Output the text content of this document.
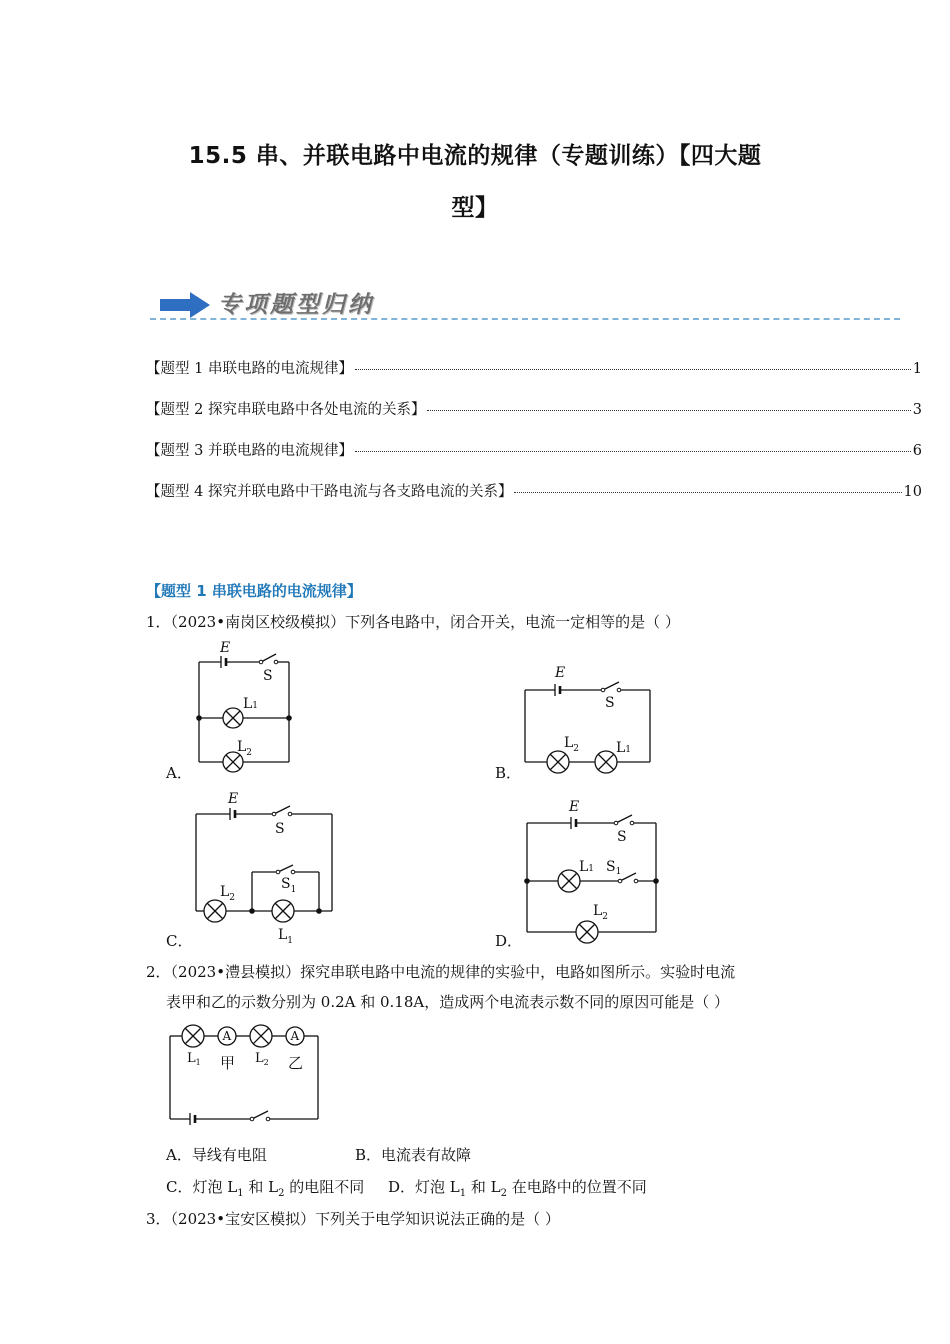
15.5 串、并联电路中电流的规律（专题训练）【四大题
型】
专项题型归纳
【题型 1 串联电路的电流规律】	1
【题型 2 探究串联电路中各处电流的关系】	3
【题型 3 并联电路的电流规律】	6
【题型 4 探究并联电路中干路电流与各支路电流的关系】	10
【题型 1 串联电路的电流规律】
1．（2023•南岗区校级模拟）下列各电路中，闭合开关，电流一定相等的是（ ）
A．
E
S
L1
$L_2$
B．
E
S
$L_2$	L1
C．
E
S
$S_1$
$L_2$
$L_1$	D．
E
S
L1 $S_1$
$L_2$
2．（2023•澧县模拟）探究串联电路中电流的规律的实验中，电路如图所示。实验时电流
表甲和乙的示数分别为 0.2A 和 0.18A，造成两个电流表示数不同的原因可能是（ ）
A	A
$L_1$ 甲 $L_2$ 乙
A．导线有电阻	B．电流表有故障
C．灯泡 $L_1$ 和 $L_2$ 的电阻不同 D．灯泡 $L_1$ 和 $L_2$ 在电路中的位置不同
3．（2023•宝安区模拟）下列关于电学知识说法正确的是（ ）
